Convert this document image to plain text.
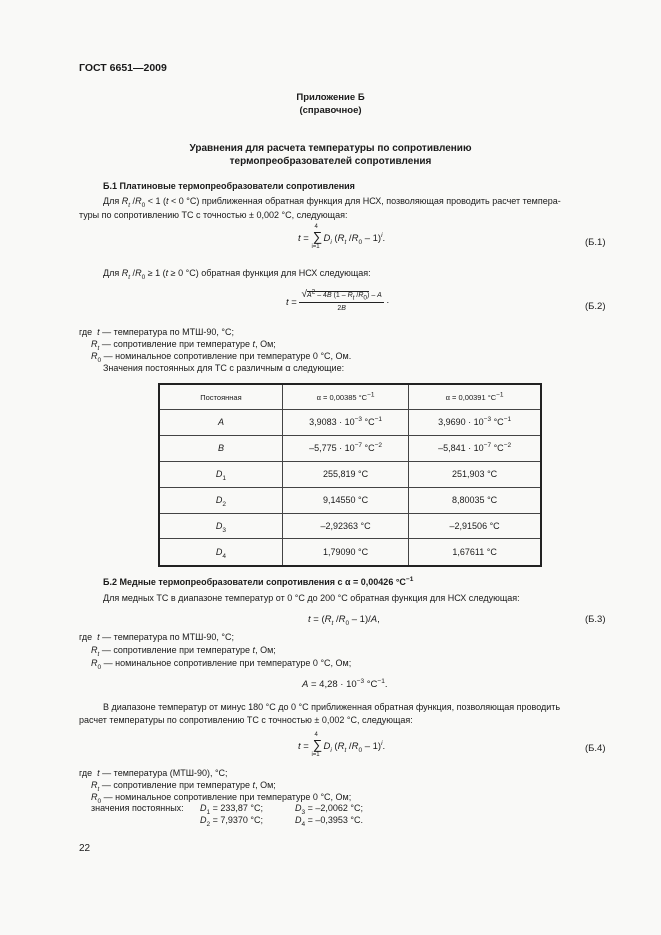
ГОСТ 6651—2009
Приложение Б
(справочное)
Уравнения для расчета температуры по сопротивлению
термопреобразователей сопротивления
Б.1 Платиновые термопреобразователи сопротивления
Для $R_t$ $/R_0 < 1$ (t < 0 °С) приближенная обратная функция для НСХ, позволяющая проводить расчет темпера-
туры по сопротивлению ТС с точностью ± 0,002 °С, следующая:
t =
4
∑
i=1
$D_i$ ($R_t$ $/R_0 - 1)^i$.	(Б.1)
Для $R_t$ $/R_0 \ge 1$ (t ≥ 0 °С) обратная функция для НСХ следующая:
$t = \frac{√A^2 - 4B (1 - R_t /R_0) - A}{2B}$ .
(Б.2)
где t — температура по МТШ-90, °С;
$R_t$ — сопротивление при температуре t, Ом;
$R_0$ — номинальное сопротивление при температуре 0 °С, Ом.
Значения постоянных для ТС с различным α следующие:
Постоянная	α = 0,00385 $^\circ С^{-1}$	α = 0,00391 $^\circ С^{-1}$
A	$3,9083 \cdot 10^{-3}$ $^\circ С^{-1}$	$3,9690 \cdot 10^{-3}$ $^\circ С^{-1}$
B	$-5,775 \cdot 10^{-7}$ $^\circ С^{-2}$	$-5,841 \cdot 10^{-7}$ $^\circ С^{-2}$
$D_1$	255,819 °С	251,903 °С
$D_2$	9,14550 °С	8,80035 °С
$D_3$	–2,92363 °С	–2,91506 °С
$D_4$	1,79090 °С	1,67611 °С
Б.2 Медные термопреобразователи сопротивления с α = 0,00426 $^\circ С^{-1}$
Для медных ТС в диапазоне температур от 0 °С до 200 °С обратная функция для НСХ следующая:
$t = (R_t$ $/R_0 - 1)/A$,	(Б.3)
где t — температура по МТШ-90, °С;
$R_t$ — сопротивление при температуре t, Ом;
$R_0$ — номинальное сопротивление при температуре 0 °С, Ом;
$A = 4,28 \cdot 10^{-3}$ $^\circ С^{-1}$.
В диапазоне температур от минус 180 °С до 0 °С приближенная обратная функция, позволяющая проводить
расчет температуры по сопротивлению ТС с точностью ± 0,002 °С, следующая:
t =
4
∑
i=1
$D_i$ ($R_t$ $/R_0 - 1)^i$.	(Б.4)
где t — температура (МТШ-90), °С;
$R_t$ — сопротивление при температуре t, Ом;
$R_0$ — номинальное сопротивление при температуре 0 °С, Ом;
значения постоянных: $D_1 = 233,87$ °С;	$D_3 = -2,0062$ °С;
$D_2 = 7,9370$ °С;	$D_4 = -0,3953$ °С.
22
